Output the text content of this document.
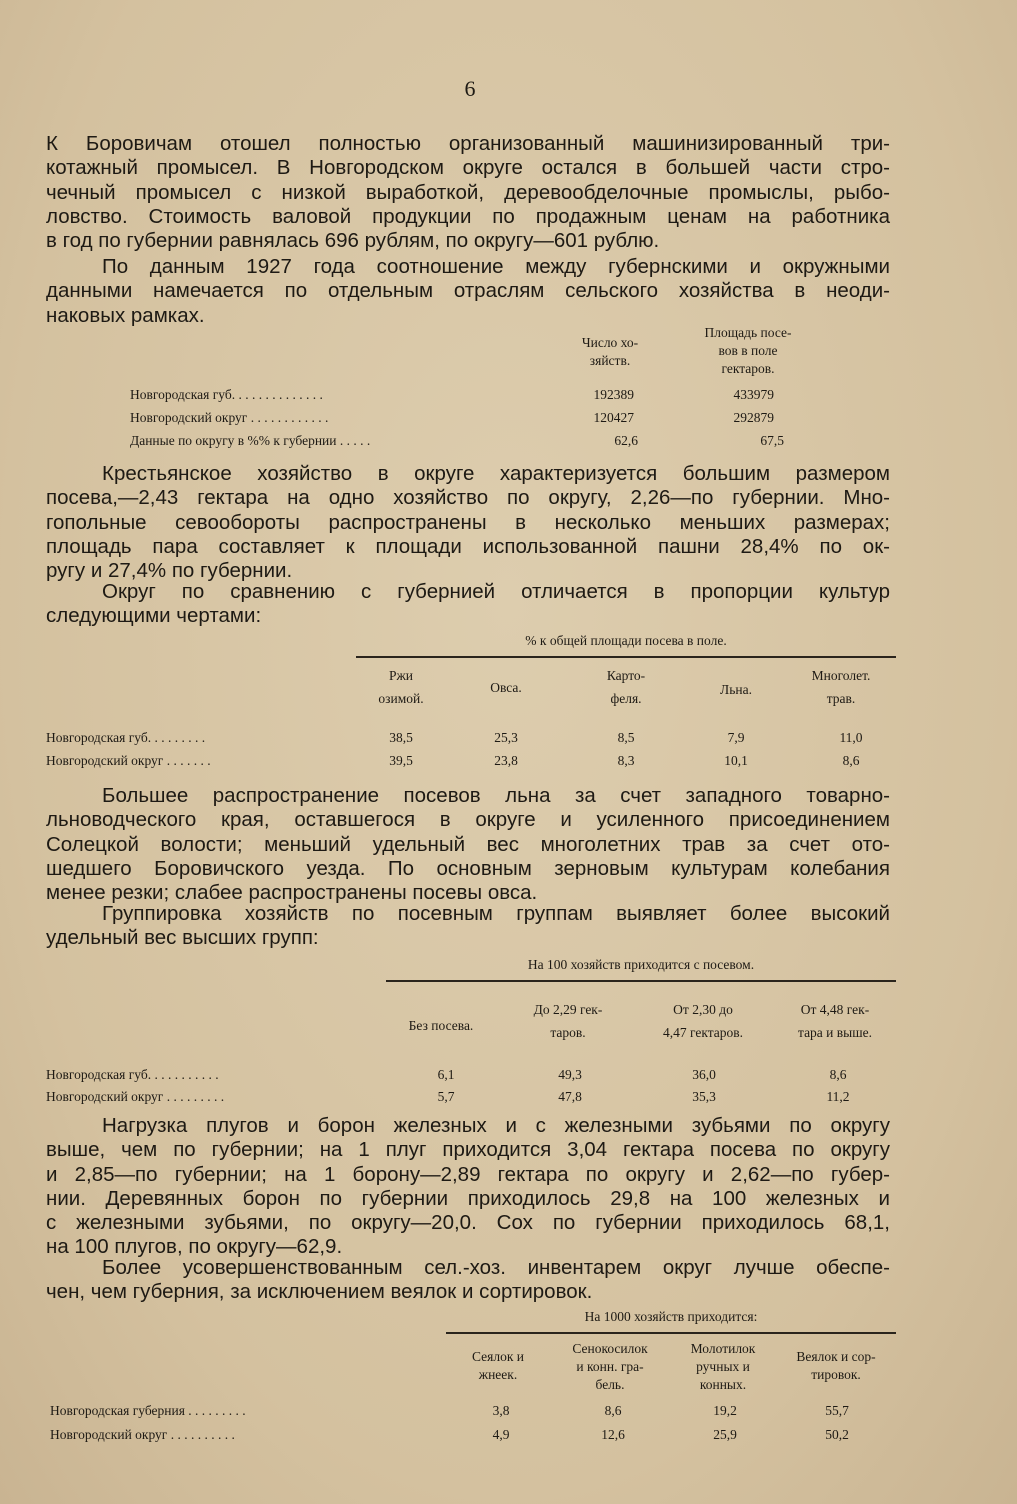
6
К Боровичам отошел полностью организованный машинизированный три-
котажный промысел. В Новгородском округе остался в большей части стро-
чечный промысел с низкой выработкой, деревообделочные промыслы, рыбо-
ловство. Стоимость валовой продукции по продажным ценам на работника
в год по губернии равнялась 696 рублям, по округу—601 рублю.
По данным 1927 года соотношение между губернскими и окружными
данными намечается по отдельным отраслям сельского хозяйства в неоди-
наковых рамках.
Число хо-
зяйств.
Площадь посе-
вов в поле
гектаров.
Новгородская губ. . . . . . . . . . . . . .	192389	433979
Новгородский округ . . . . . . . . . . . .	120427	292879
Данные по округу в %% к губернии . . . . .	62,6	67,5
Крестьянское хозяйство в округе характеризуется большим размером
посева,—2,43 гектара на одно хозяйство по округу, 2,26—по губернии. Мно-
гопольные севообороты распространены в несколько меньших размерах;
площадь пара составляет к площади использованной пашни 28,4% по ок-
ругу и 27,4% по губернии.
Округ по сравнению с губернией отличается в пропорции культур
следующими чертами:
% к общей площади посева в поле.
Ржи
озимой.
Овса.
Карто-
феля.
Льна.
Многолет.
трав.
Новгородская губ. . . . . . . . .	38,5	25,3	8,5	7,9	11,0
Новгородский округ . . . . . . .	39,5	23,8	8,3	10,1	8,6
Большее распространение посевов льна за счет западного товарно-
льноводческого края, оставшегося в округе и усиленного присоединением
Солецкой волости; меньший удельный вес многолетних трав за счет ото-
шедшего Боровичского уезда. По основным зерновым культурам колебания
менее резки; слабее распространены посевы овса.
Группировка хозяйств по посевным группам выявляет более высокий
удельный вес высших групп:
На 100 хозяйств приходится с посевом.
Без посева.
До 2,29 гек-
таров.
От 2,30 до
4,47 гектаров.
От 4,48 гек-
тара и выше.
Новгородская губ. . . . . . . . . . .	6,1	49,3	36,0	8,6
Новгородский округ . . . . . . . . .	5,7	47,8	35,3	11,2
Нагрузка плугов и борон железных и с железными зубьями по округу
выше, чем по губернии; на 1 плуг приходится 3,04 гектара посева по округу
и 2,85—по губернии; на 1 борону—2,89 гектара по округу и 2,62—по губер-
нии. Деревянных борон по губернии приходилось 29,8 на 100 железных и
с железными зубьями, по округу—20,0. Сох по губернии приходилось 68,1,
на 100 плугов, по округу—62,9.
Более усовершенствованным сел.-хоз. инвентарем округ лучше обеспе-
чен, чем губерния, за исключением веялок и сортировок.
На 1000 хозяйств приходится:
Сеялок и
жнеек.
Сенокосилок
и конн. гра-
бель.
Молотилок
ручных и
конных.
Веялок и сор-
тировок.
Новгородская губерния . . . . . . . . .	3,8	8,6	19,2	55,7
Новгородский округ . . . . . . . . . .	4,9	12,6	25,9	50,2
